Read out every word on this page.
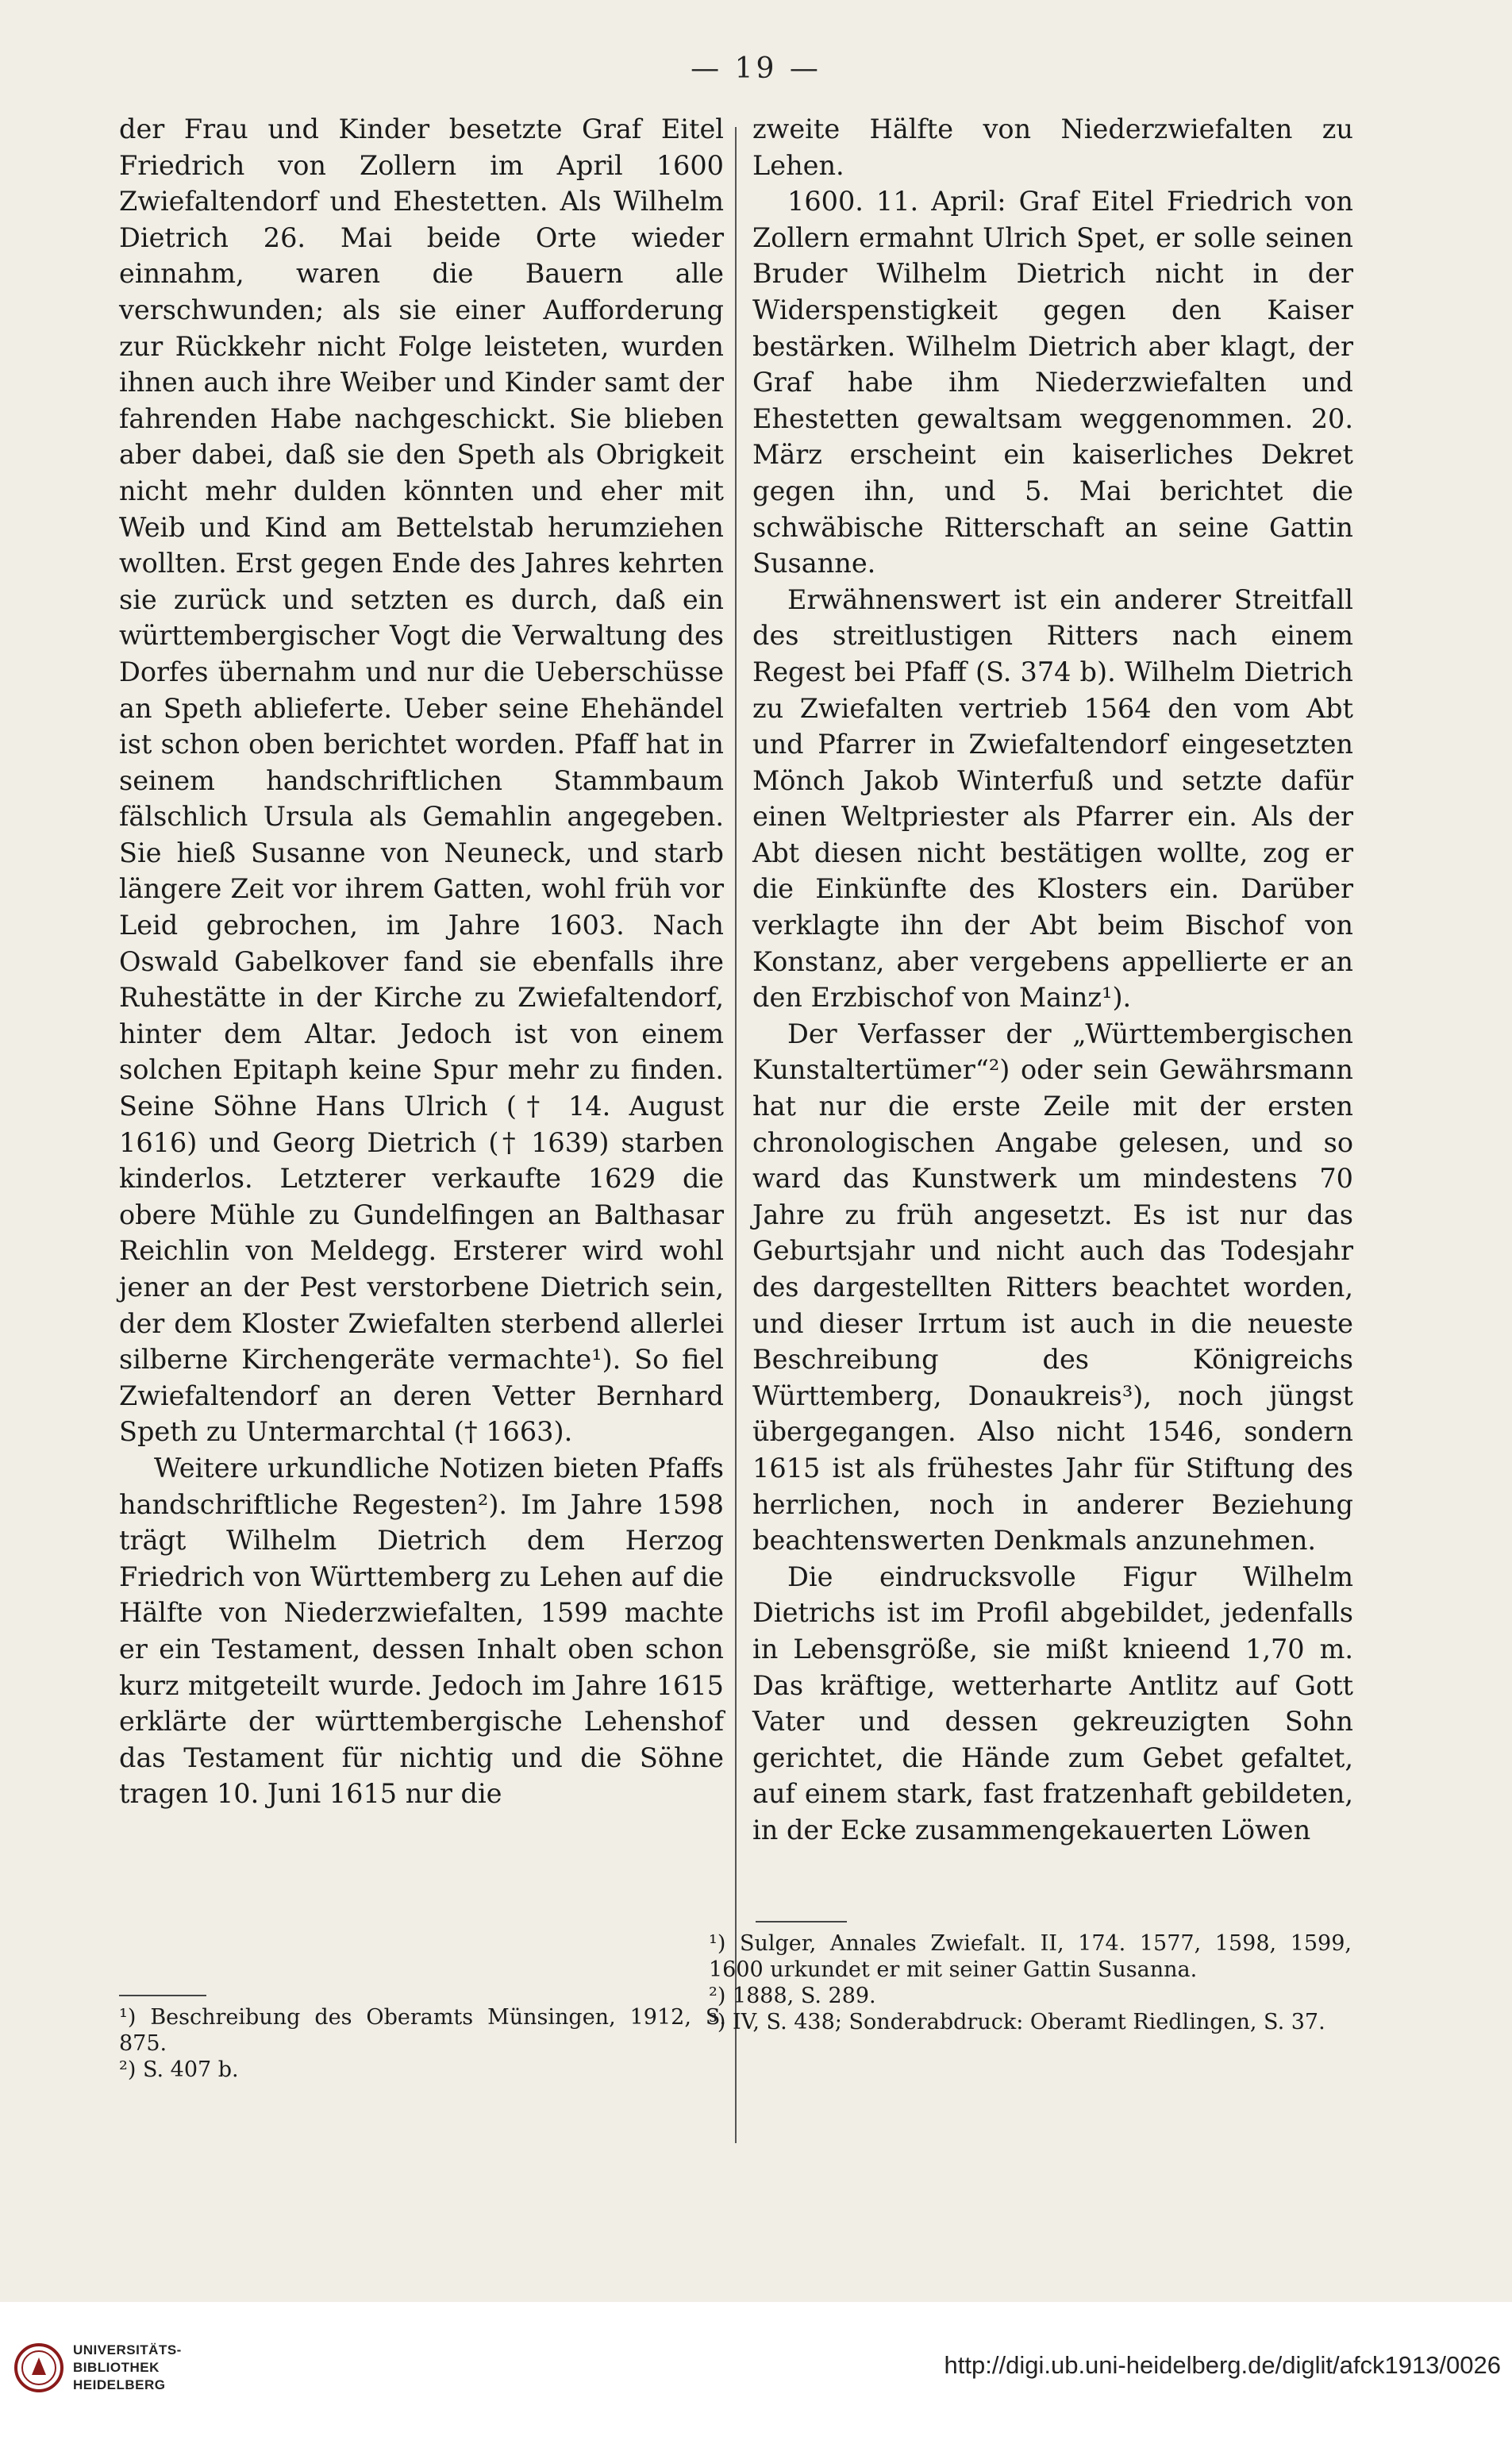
— 19 —

der Frau und Kinder besetzte Graf Eitel Friedrich von Zollern im April 1600 Zwiefaltendorf und Ehestetten. Als Wilhelm Dietrich 26. Mai beide Orte wieder einnahm, waren die Bauern alle verschwunden; als sie einer Aufforderung zur Rückkehr nicht Folge leisteten, wurden ihnen auch ihre Weiber und Kinder samt der fahrenden Habe nachgeschickt. Sie blieben aber dabei, daß sie den Speth als Obrigkeit nicht mehr dulden könnten und eher mit Weib und Kind am Bettelstab herumziehen wollten. Erst gegen Ende des Jahres kehrten sie zurück und setzten es durch, daß ein württembergischer Vogt die Verwaltung des Dorfes übernahm und nur die Ueberschüsse an Speth ablieferte. Ueber seine Ehehändel ist schon oben berichtet worden. Pfaff hat in seinem handschriftlichen Stammbaum fälschlich Ursula als Gemahlin angegeben. Sie hieß Susanne von Neuneck, und starb längere Zeit vor ihrem Gatten, wohl früh vor Leid gebrochen, im Jahre 1603. Nach Oswald Gabelkover fand sie ebenfalls ihre Ruhestätte in der Kirche zu Zwiefaltendorf, hinter dem Altar. Jedoch ist von einem solchen Epitaph keine Spur mehr zu finden. Seine Söhne Hans Ulrich († 14. August 1616) und Georg Dietrich († 1639) starben kinderlos. Letzterer verkaufte 1629 die obere Mühle zu Gundelfingen an Balthasar Reichlin von Meldegg. Ersterer wird wohl jener an der Pest verstorbene Dietrich sein, der dem Kloster Zwiefalten sterbend allerlei silberne Kirchengeräte vermachte¹). So fiel Zwiefaltendorf an deren Vetter Bernhard Speth zu Untermarchtal († 1663).

Weitere urkundliche Notizen bieten Pfaffs handschriftliche Regesten²). Im Jahre 1598 trägt Wilhelm Dietrich dem Herzog Friedrich von Württemberg zu Lehen auf die Hälfte von Niederzwiefalten, 1599 machte er ein Testament, dessen Inhalt oben schon kurz mitgeteilt wurde. Jedoch im Jahre 1615 erklärte der württembergische Lehenshof das Testament für nichtig und die Söhne tragen 10. Juni 1615 nur die

zweite Hälfte von Niederzwiefalten zu Lehen.

1600. 11. April: Graf Eitel Friedrich von Zollern ermahnt Ulrich Spet, er solle seinen Bruder Wilhelm Dietrich nicht in der Widerspenstigkeit gegen den Kaiser bestärken. Wilhelm Dietrich aber klagt, der Graf habe ihm Niederzwiefalten und Ehestetten gewaltsam weggenommen. 20. März erscheint ein kaiserliches Dekret gegen ihn, und 5. Mai berichtet die schwäbische Ritterschaft an seine Gattin Susanne.

Erwähnenswert ist ein anderer Streitfall des streitlustigen Ritters nach einem Regest bei Pfaff (S. 374 b). Wilhelm Dietrich zu Zwiefalten vertrieb 1564 den vom Abt und Pfarrer in Zwiefaltendorf eingesetzten Mönch Jakob Winterfuß und setzte dafür einen Weltpriester als Pfarrer ein. Als der Abt diesen nicht bestätigen wollte, zog er die Einkünfte des Klosters ein. Darüber verklagte ihn der Abt beim Bischof von Konstanz, aber vergebens appellierte er an den Erzbischof von Mainz¹).

Der Verfasser der „Württembergischen Kunstaltertümer“²) oder sein Gewährsmann hat nur die erste Zeile mit der ersten chronologischen Angabe gelesen, und so ward das Kunstwerk um mindestens 70 Jahre zu früh angesetzt. Es ist nur das Geburtsjahr und nicht auch das Todesjahr des dargestellten Ritters beachtet worden, und dieser Irrtum ist auch in die neueste Beschreibung des Königreichs Württemberg, Donaukreis³), noch jüngst übergegangen. Also nicht 1546, sondern 1615 ist als frühestes Jahr für Stiftung des herrlichen, noch in anderer Beziehung beachtenswerten Denkmals anzunehmen.

Die eindrucksvolle Figur Wilhelm Dietrichs ist im Profil abgebildet, jedenfalls in Lebensgröße, sie mißt knieend 1,70 m. Das kräftige, wetterharte Antlitz auf Gott Vater und dessen gekreuzigten Sohn gerichtet, die Hände zum Gebet gefaltet, auf einem stark, fast fratzenhaft gebildeten, in der Ecke zusammengekauerten Löwen

¹) Beschreibung des Oberamts Münsingen, 1912, S. 875.

²) S. 407 b.

¹) Sulger, Annales Zwiefalt. II, 174. 1577, 1598, 1599, 1600 urkundet er mit seiner Gattin Susanna.

²) 1888, S. 289.

³) IV, S. 438; Sonderabdruck: Oberamt Riedlingen, S. 37.

UNIVERSITÄTS-
BIBLIOTHEK
HEIDELBERG
http://digi.ub.uni-heidelberg.de/diglit/afck1913/0026
